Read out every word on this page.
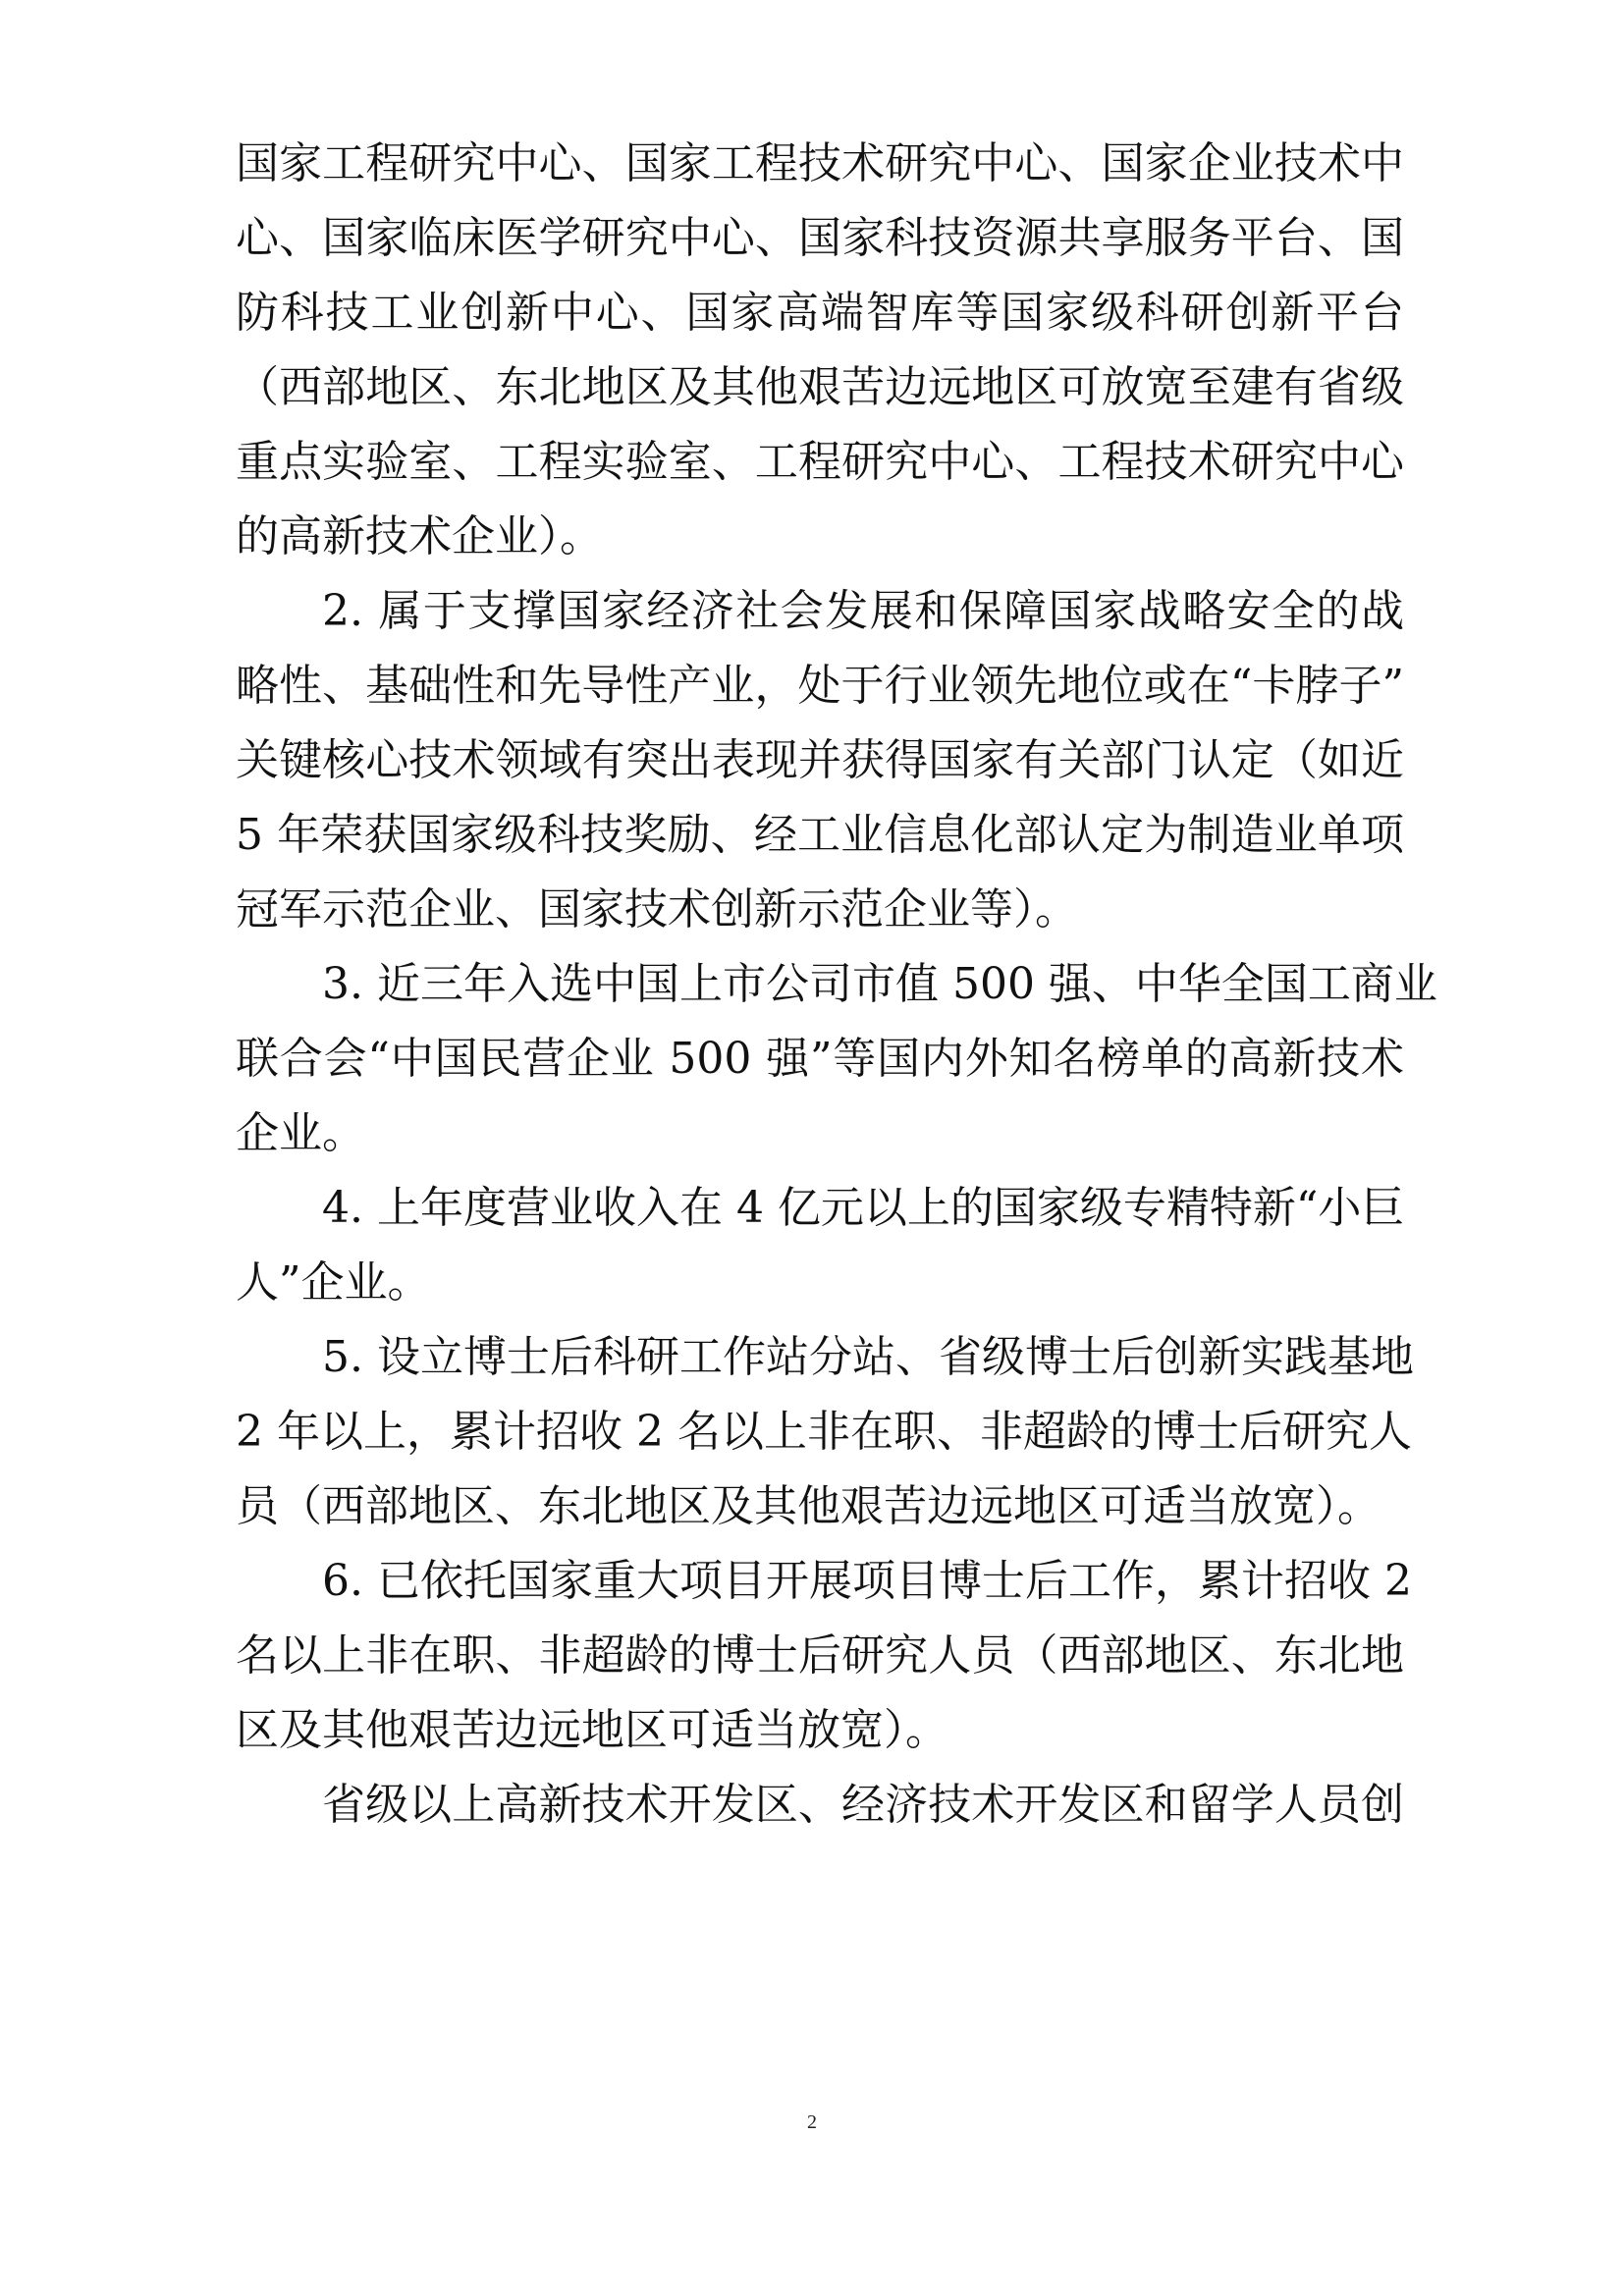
国家工程研究中心、国家工程技术研究中心、国家企业技术中
心、国家临床医学研究中心、国家科技资源共享服务平台、国
防科技工业创新中心、国家高端智库等国家级科研创新平台
（西部地区、东北地区及其他艰苦边远地区可放宽至建有省级
重点实验室、工程实验室、工程研究中心、工程技术研究中心
的高新技术企业）。
2. 属于支撑国家经济社会发展和保障国家战略安全的战
略性、基础性和先导性产业，处于行业领先地位或在“卡脖子”
关键核心技术领域有突出表现并获得国家有关部门认定（如近
5 年荣获国家级科技奖励、经工业信息化部认定为制造业单项
冠军示范企业、国家技术创新示范企业等）。
3. 近三年入选中国上市公司市值 500 强、中华全国工商业
联合会“中国民营企业 500 强”等国内外知名榜单的高新技术
企业。
4. 上年度营业收入在 4 亿元以上的国家级专精特新“小巨
人”企业。
5. 设立博士后科研工作站分站、省级博士后创新实践基地
2 年以上，累计招收 2 名以上非在职、非超龄的博士后研究人
员（西部地区、东北地区及其他艰苦边远地区可适当放宽）。
6. 已依托国家重大项目开展项目博士后工作，累计招收 2
名以上非在职、非超龄的博士后研究人员（西部地区、东北地
区及其他艰苦边远地区可适当放宽）。
省级以上高新技术开发区、经济技术开发区和留学人员创
2
